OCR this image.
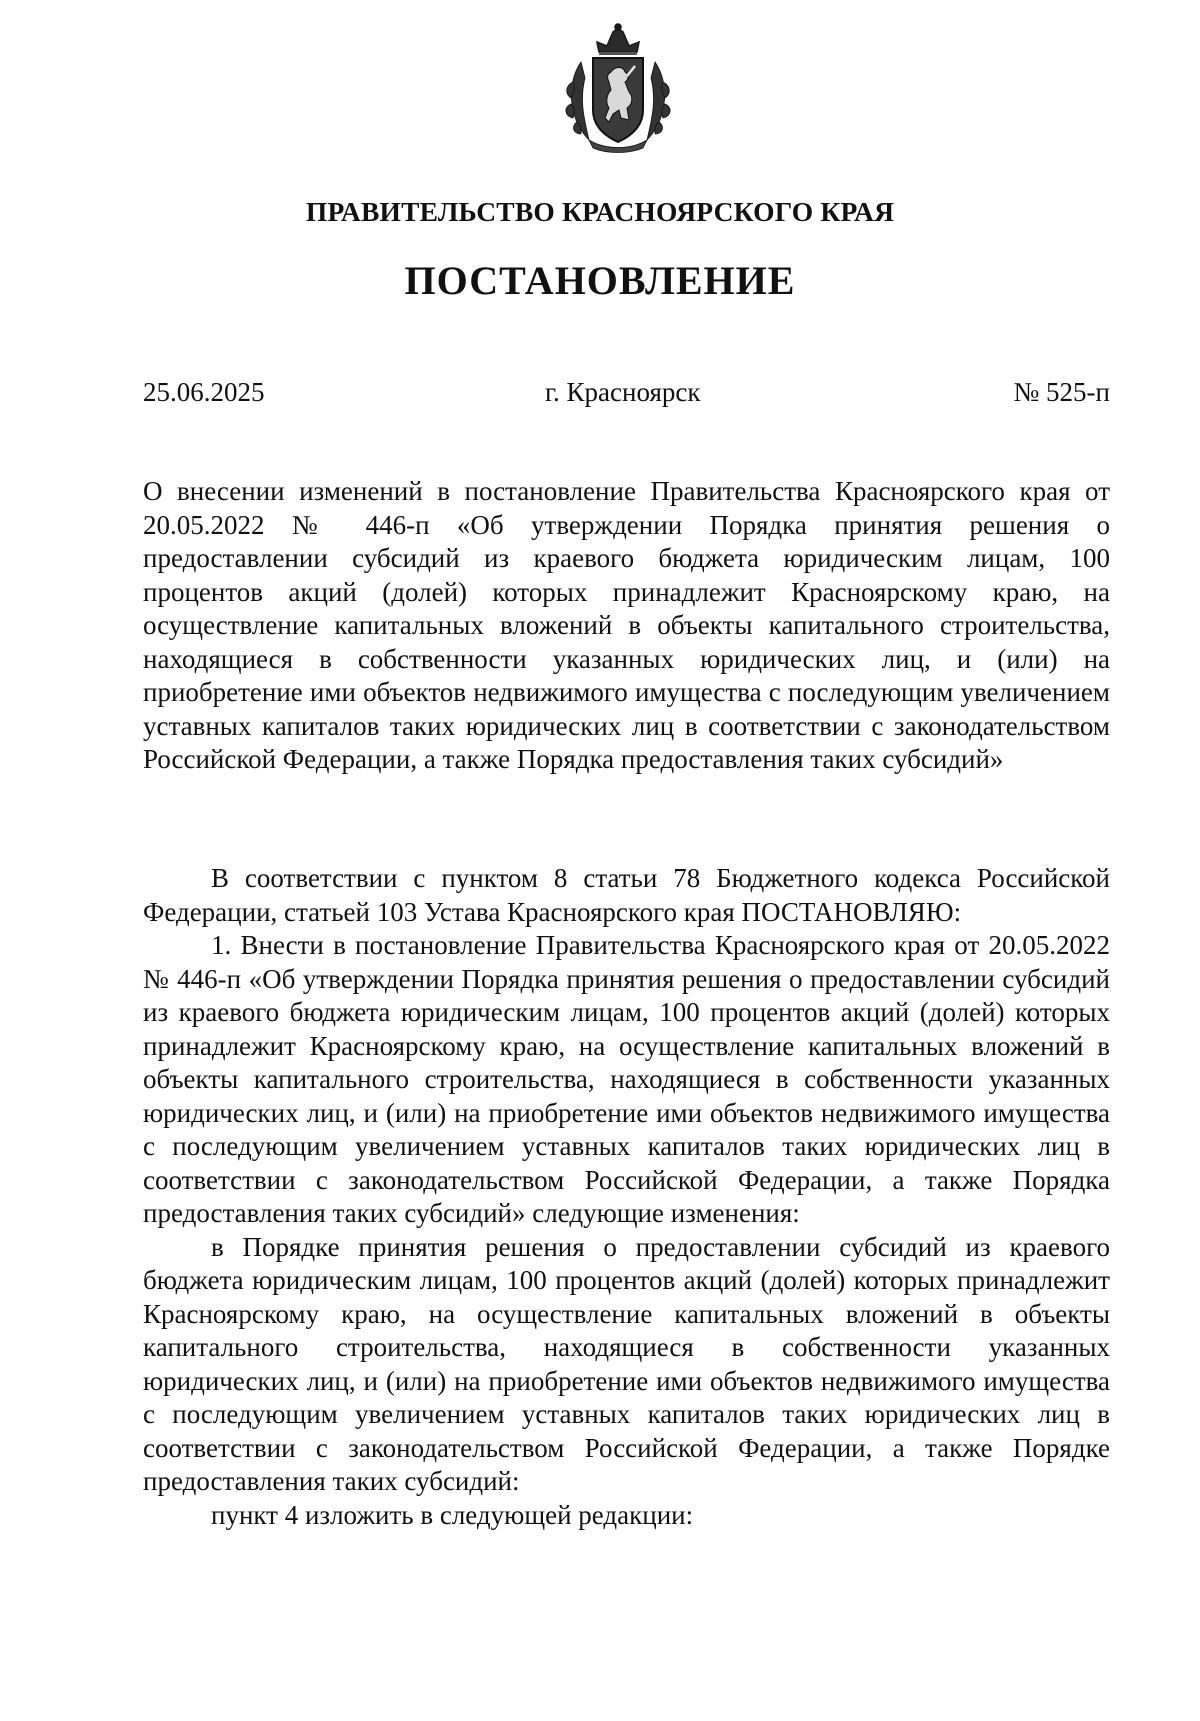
ПРАВИТЕЛЬСТВО КРАСНОЯРСКОГО КРАЯ
ПОСТАНОВЛЕНИЕ
25.06.2025	г. Красноярск	№ 525-п
О внесении изменений в постановление Правительства Красноярского края от 20.05.2022 № 446-п «Об утверждении Порядка принятия решения о предоставлении субсидий из краевого бюджета юридическим лицам, 100 процентов акций (долей) которых принадлежит Красноярскому краю, на осуществление капитальных вложений в объекты капитального строительства, находящиеся в собственности указанных юридических лиц, и (или) на приобретение ими объектов недвижимого имущества с последующим увеличением уставных капиталов таких юридических лиц в соответствии с законодательством Российской Федерации, а также Порядка предоставления таких субсидий»

В соответствии с пунктом 8 статьи 78 Бюджетного кодекса Российской Федерации, статьей 103 Устава Красноярского края ПОСТАНОВЛЯЮ:

1. Внести в постановление Правительства Красноярского края от 20.05.2022 № 446-п «Об утверждении Порядка принятия решения о предоставлении субсидий из краевого бюджета юридическим лицам, 100 процентов акций (долей) которых принадлежит Красноярскому краю, на осуществление капитальных вложений в объекты капитального строительства, находящиеся в собственности указанных юридических лиц, и (или) на приобретение ими объектов недвижимого имущества с последующим увеличением уставных капиталов таких юридических лиц в соответствии с законодательством Российской Федерации, а также Порядка предоставления таких субсидий» следующие изменения:

в Порядке принятия решения о предоставлении субсидий из краевого бюджета юридическим лицам, 100 процентов акций (долей) которых принадлежит Красноярскому краю, на осуществление капитальных вложений в объекты капитального строительства, находящиеся в собственности указанных юридических лиц, и (или) на приобретение ими объектов недвижимого имущества с последующим увеличением уставных капиталов таких юридических лиц в соответствии с законодательством Российской Федерации, а также Порядке предоставления таких субсидий:

пункт 4 изложить в следующей редакции:
